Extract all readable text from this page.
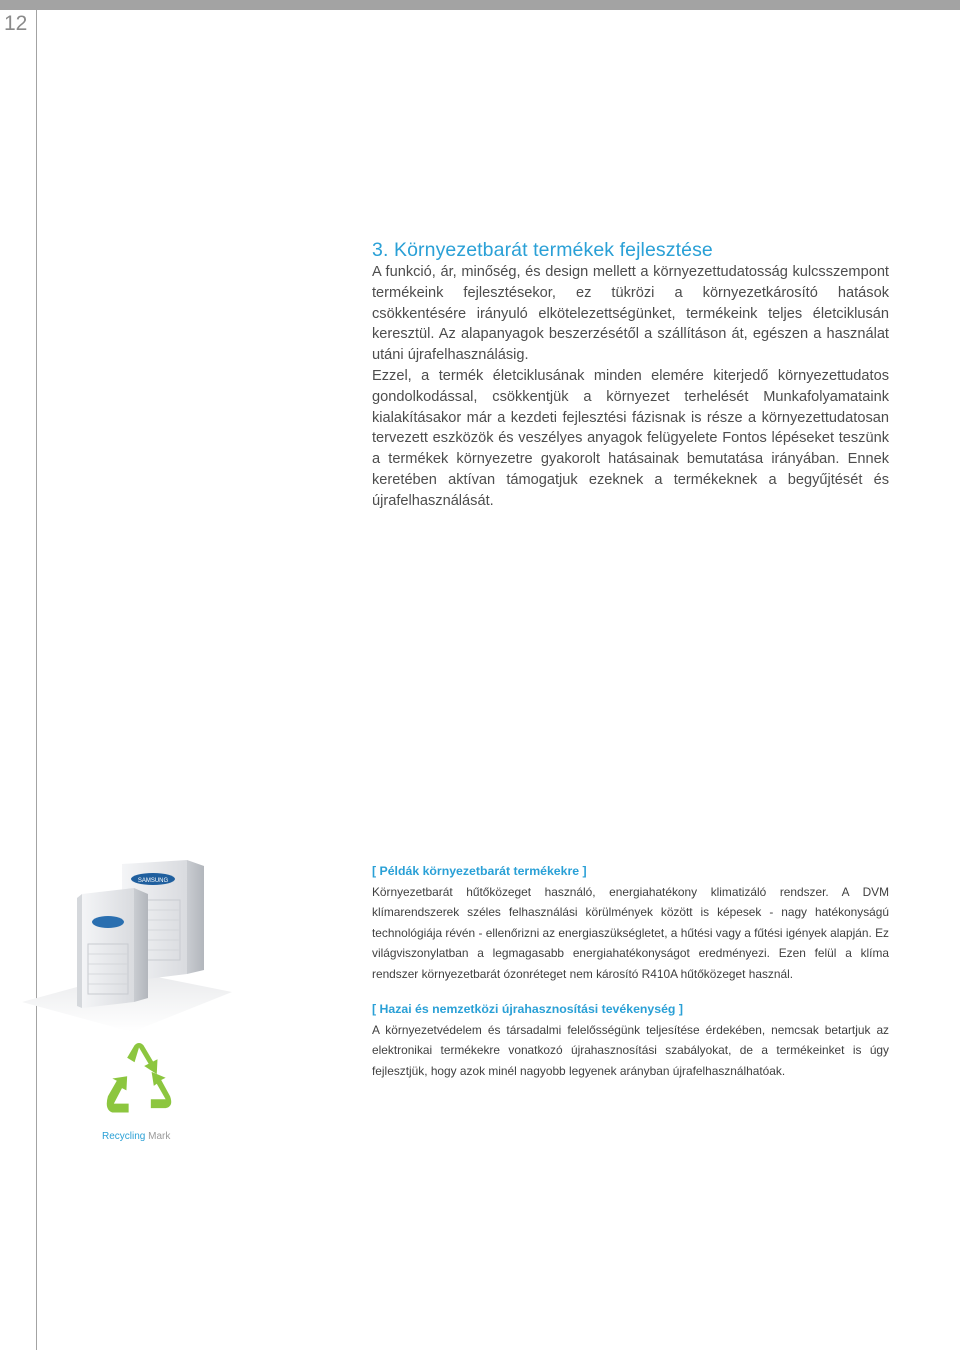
12
3. Környezetbarát termékek fejlesztése
A funkció, ár, minőség, és design mellett a környezettudatosság kulcsszempont termékeink fejlesztésekor, ez tükrözi a környezetkárosító hatások csökkentésére irányuló elkötelezettségünket, termékeink teljes életciklusán keresztül. Az alapanyagok beszerzésétől a szállításon át, egészen a használat utáni újrafelhasználásig.
Ezzel, a termék életciklusának minden elemére kiterjedő környezettudatos gondolkodással, csökkentjük a környezet terhelését Munkafolyamataink kialakításakor már a kezdeti fejlesztési fázisnak is része a környezettudatosan tervezett eszközök és veszélyes anyagok felügyelete Fontos lépéseket teszünk a termékek környezetre gyakorolt hatásainak bemutatása irányában. Ennek keretében aktívan támogatjuk ezeknek a termékeknek a begyűjtését és újrafelhasználását.
SAMSUNG
[ Példák környezetbarát termékekre ]
Környezetbarát hűtőközeget használó, energiahatékony klimatizáló rendszer. A DVM klímarendszerek széles felhasználási körülmények között is képesek - nagy hatékonyságú technológiája révén - ellenőrizni az energiaszükségletet, a hűtési vagy a fűtési igények alapján. Ez világviszonylatban a legmagasabb energiahatékonyságot eredményezi. Ezen felül a klíma rendszer környezetbarát ózonréteget nem károsító R410A hűtőközeget használ.
[ Hazai és nemzetközi újrahasznosítási tevékenység ]
A környezetvédelem és társadalmi felelősségünk teljesítése érdekében, nemcsak betartjuk az elektronikai termékekre vonatkozó újrahasznosítási szabályokat, de a termékeinket is úgy fejlesztjük, hogy azok minél nagyobb legyenek arányban újrafelhasználhatóak.
Recycling Mark
